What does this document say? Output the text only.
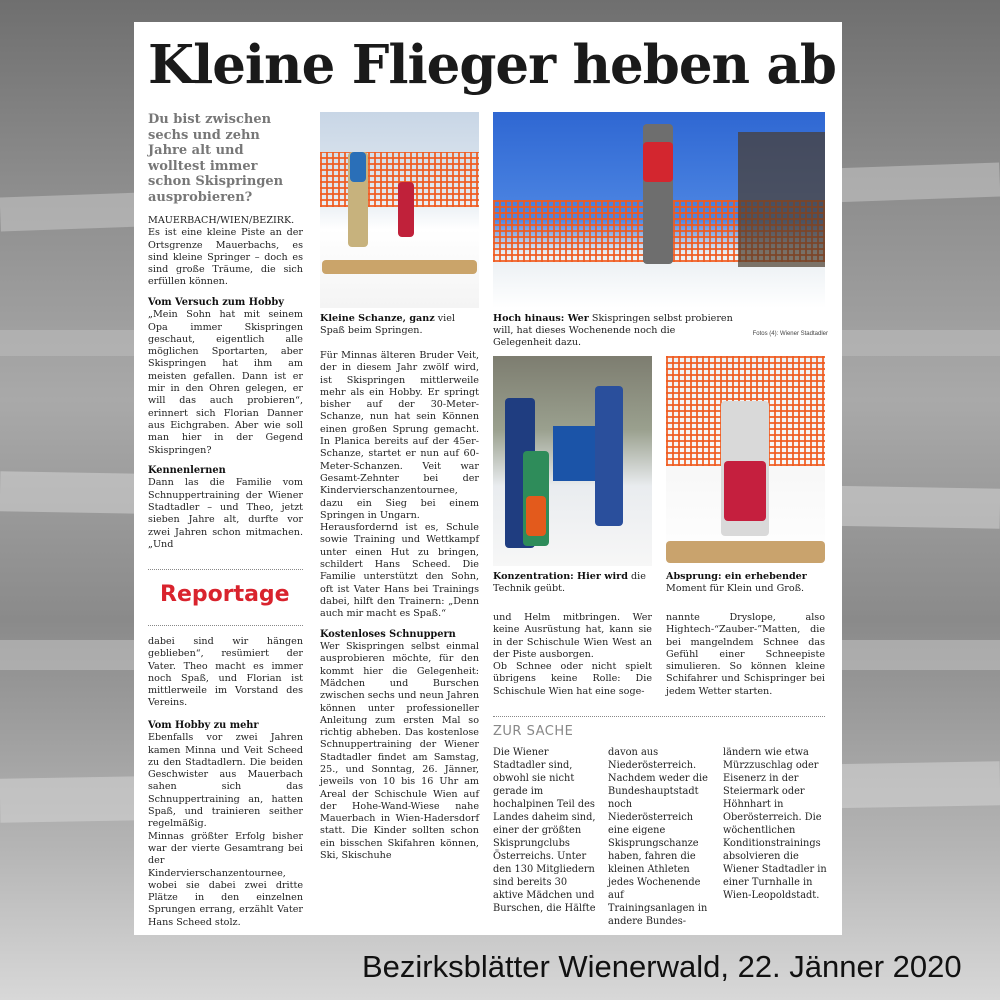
Bezirksblätter Wienerwald, 22. Jänner 2020
Kleine Flieger heben ab

Du bist zwischen sechs und zehn Jahre alt und wolltest immer schon Skispringen ausprobieren?

MAUERBACH/WIEN/BEZIRK. Es ist eine kleine Piste an der Ortsgrenze Mauerbachs, es sind kleine Springer – doch es sind große Träume, die sich erfüllen können.

Vom Versuch zum Hobby

„Mein Sohn hat mit seinem Opa immer Skispringen geschaut, eigentlich alle möglichen Sportarten, aber Skispringen hat ihm am meisten gefallen. Dann ist er mir in den Ohren gelegen, er will das auch probieren“, erinnert sich Florian Danner aus Eichgraben. Aber wie soll man hier in der Gegend Skispringen?

Kennenlernen

Dann las die Familie vom Schnuppertraining der Wiener Stadtadler – und Theo, jetzt sieben Jahre alt, durfte vor zwei Jahren schon mitmachen. „Und

Reportage

dabei sind wir hängen geblieben“, resümiert der Vater. Theo macht es immer noch Spaß, und Florian ist mittlerweile im Vorstand des Vereins.

Vom Hobby zu mehr

Ebenfalls vor zwei Jahren kamen Minna und Veit Scheed zu den Stadtadlern. Die beiden Geschwister aus Mauerbach sahen sich das Schnuppertraining an, hatten Spaß, und trainieren seither regelmäßig.

Minnas größter Erfolg bisher war der vierte Gesamtrang bei der Kindervierschanzentournee, wobei sie dabei zwei dritte Plätze in den einzelnen Sprungen errang, erzählt Vater Hans Scheed stolz.

Kleine Schanze, ganz viel Spaß beim Springen.

Für Minnas älteren Bruder Veit, der in diesem Jahr zwölf wird, ist Skispringen mittlerweile mehr als ein Hobby. Er springt bisher auf der 30-Meter-Schanze, nun hat sein Können einen großen Sprung gemacht. In Planica bereits auf der 45er-Schanze, startet er nun auf 60-Meter-Schanzen. Veit war Gesamt-Zehnter bei der Kindervierschanzentournee, dazu ein Sieg bei einem Springen in Ungarn.

Herausfordernd ist es, Schule sowie Training und Wettkampf unter einen Hut zu bringen, schildert Hans Scheed. Die Familie unterstützt den Sohn, oft ist Vater Hans bei Trainings dabei, hilft den Trainern: „Denn auch mir macht es Spaß.“

Kostenloses Schnuppern

Wer Skispringen selbst einmal ausprobieren möchte, für den kommt hier die Gelegenheit: Mädchen und Burschen zwischen sechs und neun Jahren können unter professioneller Anleitung zum ersten Mal so richtig abheben. Das kostenlose Schnuppertraining der Wiener Stadtadler findet am Samstag, 25., und Sonntag, 26. Jänner, jeweils von 10 bis 16 Uhr am Areal der Schischule Wien auf der Hohe-Wand-Wiese nahe Mauerbach in Wien-Hadersdorf statt. Die Kinder sollten schon ein bisschen Skifahren können, Ski, Skischuhe

Hoch hinaus: Wer Skispringen selbst probieren will, hat dieses Wochenende noch die Gelegenheit dazu.

Fotos (4): Wiener Stadtadler

Konzentration: Hier wird die Technik geübt.

Absprung: ein erhebender Moment für Klein und Groß.

und Helm mitbringen. Wer keine Ausrüstung hat, kann sie in der Schischule Wien West an der Piste ausborgen.

Ob Schnee oder nicht spielt übrigens keine Rolle: Die Schischule Wien hat eine soge-

nannte Dryslope, also Hightech-“Zauber-”Matten, die bei mangelndem Schnee das Gefühl einer Schneepiste simulieren. So können kleine Schifahrer und Schispringer bei jedem Wetter starten.

ZUR SACHE

Die Wiener Stadtadler sind, obwohl sie nicht gerade im hochalpinen Teil des Landes daheim sind, einer der größten Skisprungclubs Österreichs. Unter den 130 Mitgliedern sind bereits 30 aktive Mädchen und Burschen, die Hälfte

davon aus Niederösterreich. Nachdem weder die Bundeshauptstadt noch Niederösterreich eine eigene Skisprungschanze haben, fahren die kleinen Athleten jedes Wochenende auf Trainingsanlagen in andere Bundes-

ländern wie etwa Mürzzuschlag oder Eisenerz in der Steiermark oder Höhnhart in Oberösterreich. Die wöchentlichen Konditionstrainings absolvieren die Wiener Stadtadler in einer Turnhalle in Wien-Leopoldstadt.
